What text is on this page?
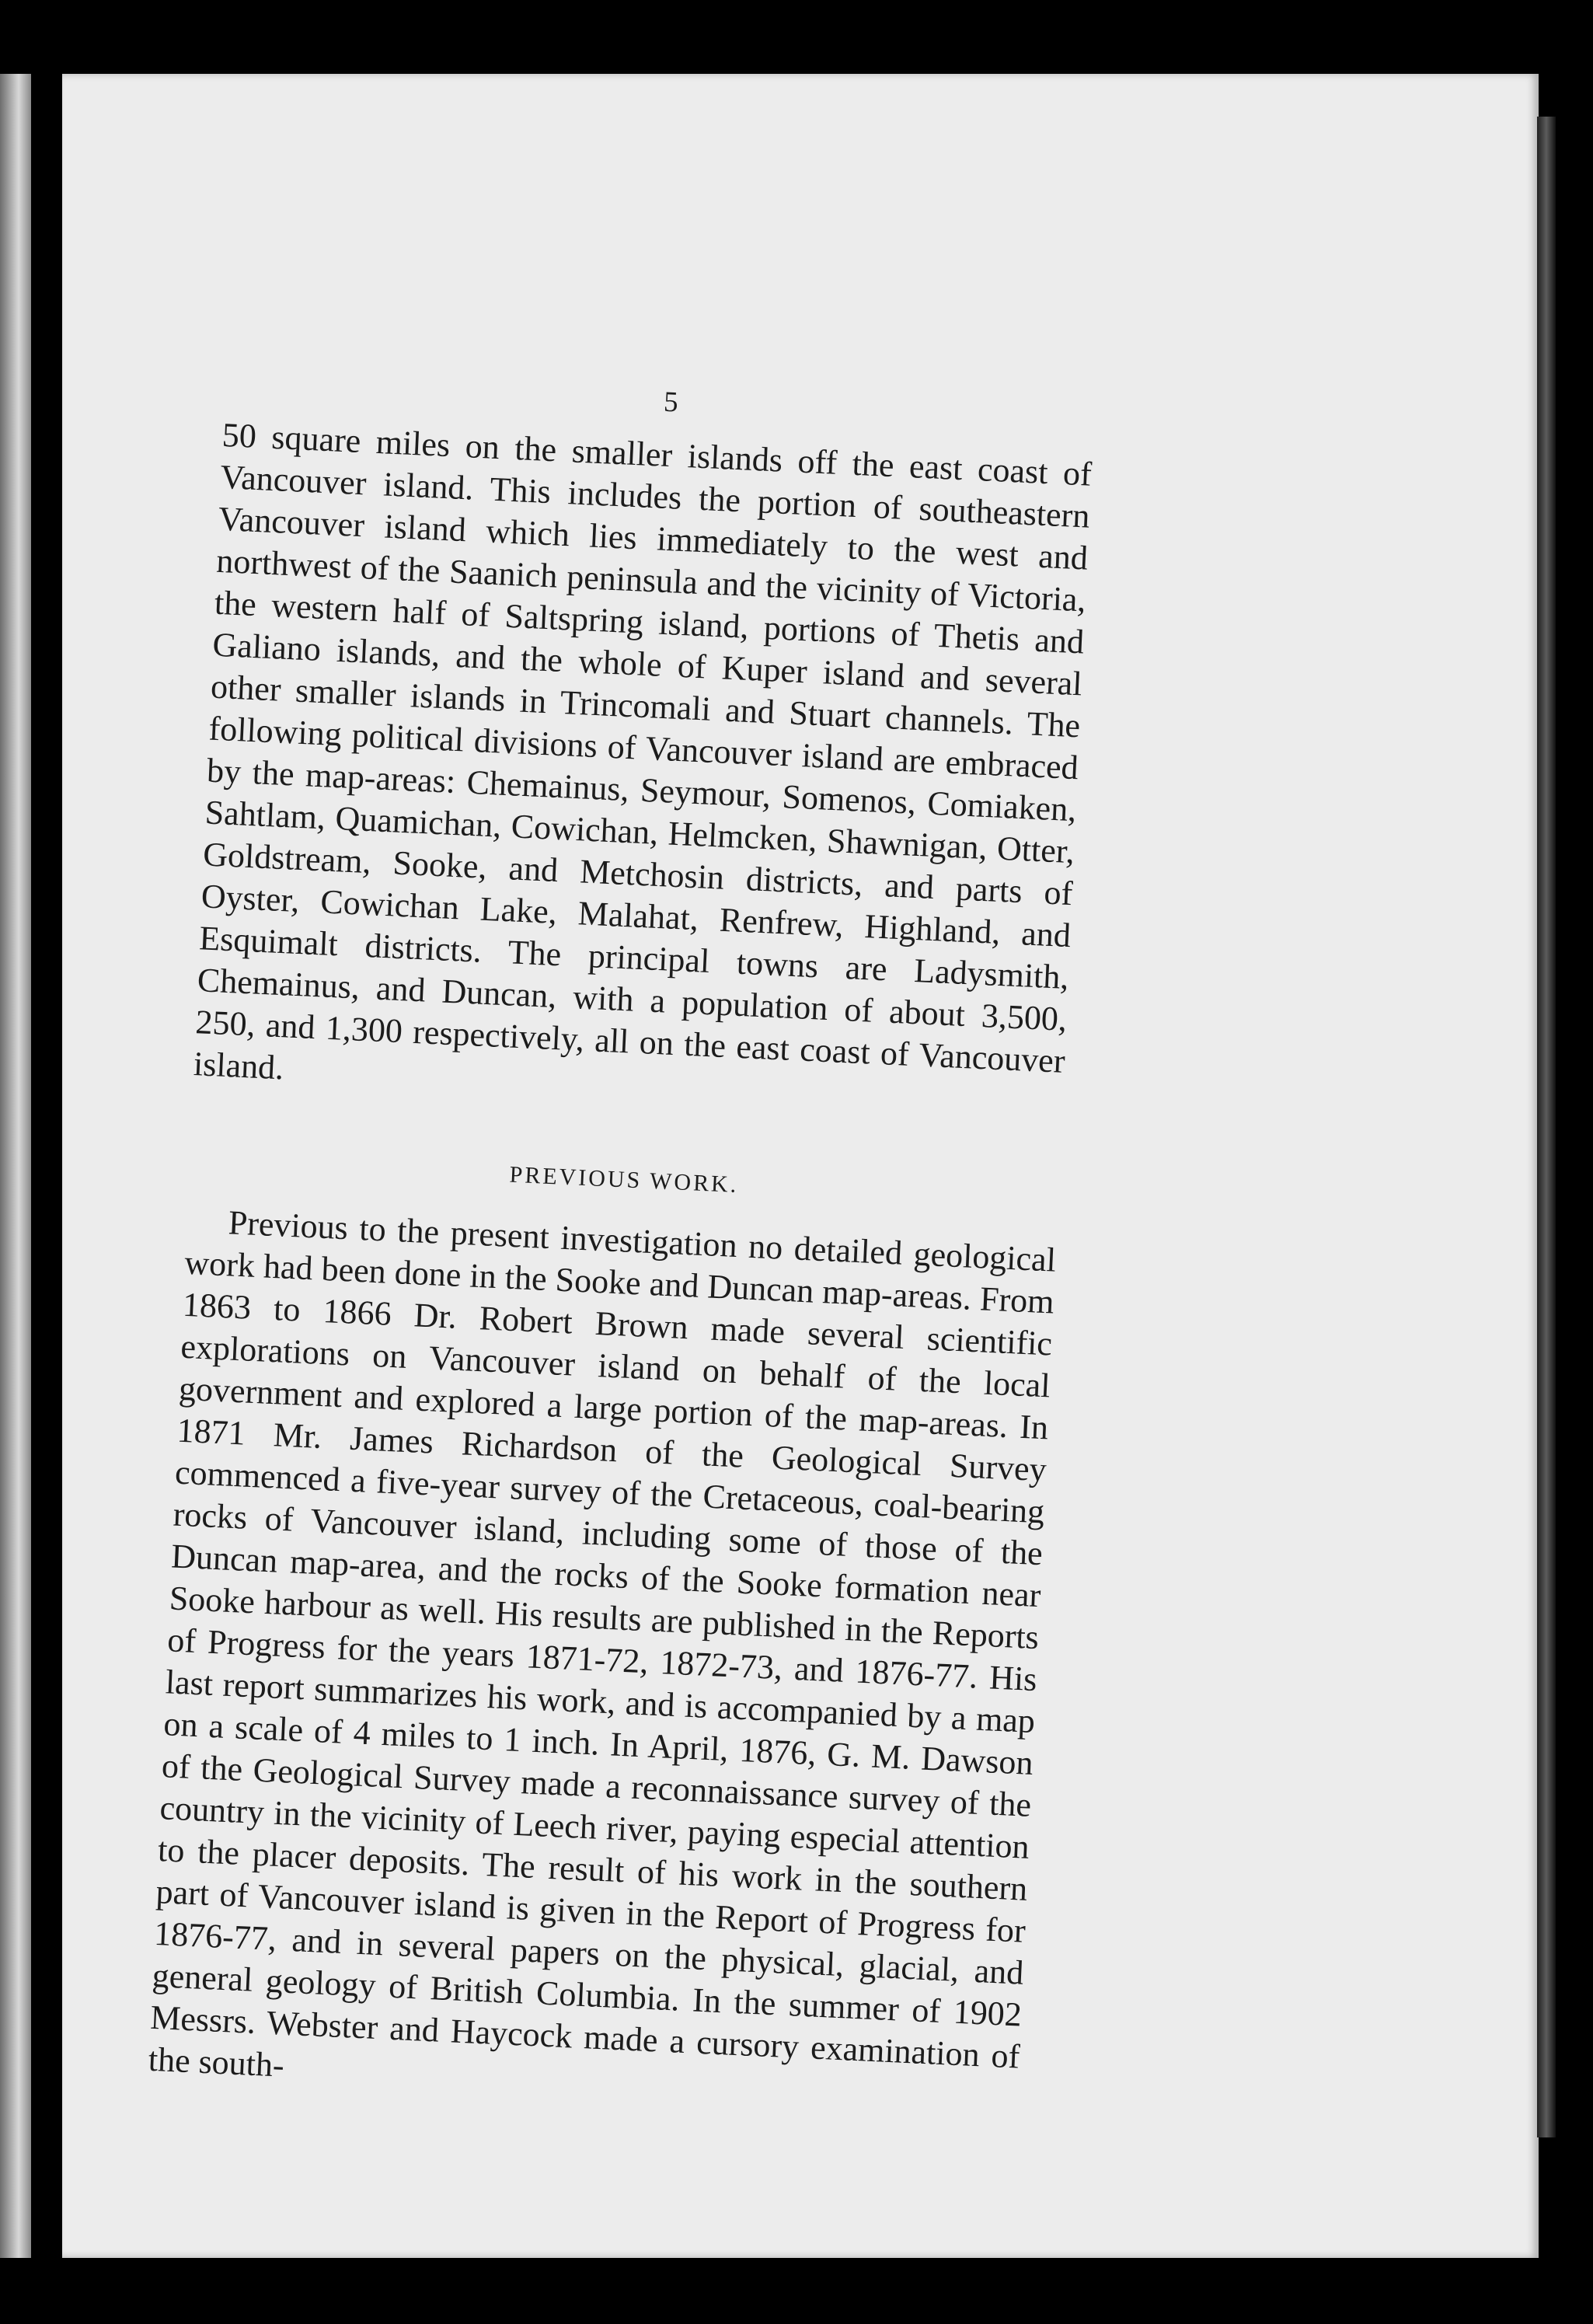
5

50 square miles on the smaller islands off the east coast of Vancouver island. This includes the portion of southeastern Vancouver island which lies immediately to the west and northwest of the Saanich peninsula and the vicinity of Victoria, the western half of Saltspring island, portions of Thetis and Galiano islands, and the whole of Kuper island and several other smaller islands in Trincomali and Stuart channels. The following political divisions of Vancouver island are embraced by the map-areas: Chemainus, Seymour, Somenos, Comiaken, Sahtlam, Quamichan, Cowichan, Helmcken, Shawnigan, Otter, Goldstream, Sooke, and Metchosin districts, and parts of Oyster, Cowichan Lake, Malahat, Renfrew, Highland, and Esquimalt districts. The principal towns are Ladysmith, Chemainus, and Duncan, with a population of about 3,500, 250, and 1,300 respectively, all on the east coast of Vancouver island.

PREVIOUS WORK.

Previous to the present investigation no detailed geological work had been done in the Sooke and Duncan map-areas. From 1863 to 1866 Dr. Robert Brown made several scientific explorations on Vancouver island on behalf of the local government and explored a large portion of the map-areas. In 1871 Mr. James Richardson of the Geological Survey commenced a five-year survey of the Cretaceous, coal-bearing rocks of Vancouver island, including some of those of the Duncan map-area, and the rocks of the Sooke formation near Sooke harbour as well. His results are published in the Reports of Progress for the years 1871-72, 1872-73, and 1876-77. His last report summarizes his work, and is accompanied by a map on a scale of 4 miles to 1 inch. In April, 1876, G. M. Dawson of the Geological Survey made a reconnaissance survey of the country in the vicinity of Leech river, paying especial attention to the placer deposits. The result of his work in the southern part of Vancouver island is given in the Report of Progress for 1876-77, and in several papers on the physical, glacial, and general geology of British Columbia. In the summer of 1902 Messrs. Webster and Haycock made a cursory examination of the south-
